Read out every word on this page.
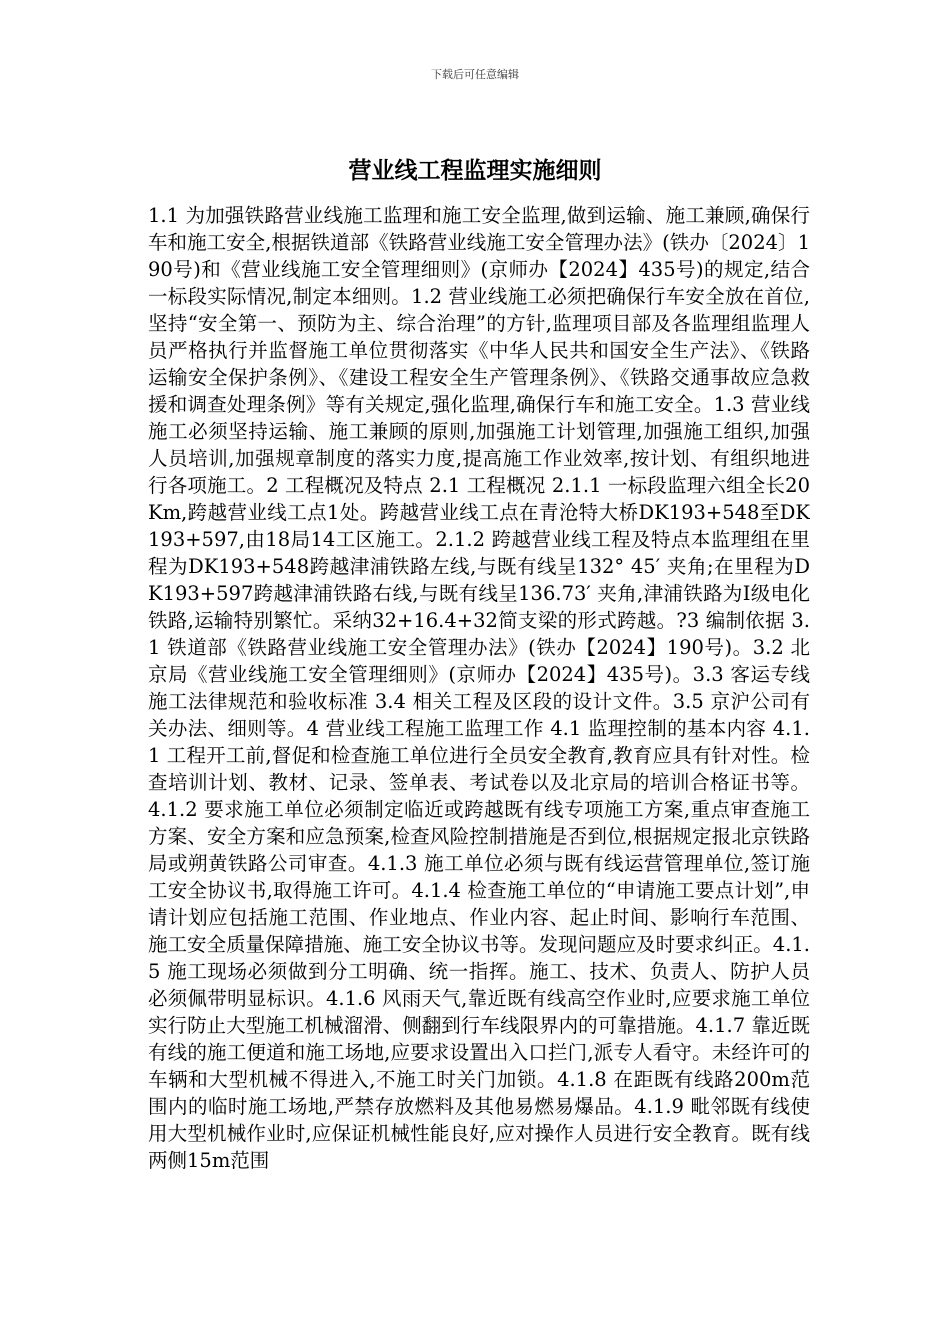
下载后可任意编辑
营业线工程监理实施细则
1.1 为加强铁路营业线施工监理和施工安全监理,做到运输、施工兼顾,确保行车和施工安全,根据铁道部《铁路营业线施工安全管理办法》(铁办〔2024〕190号)和《营业线施工安全管理细则》(京师办【2024】435号)的规定,结合一标段实际情况,制定本细则。1.2 营业线施工必须把确保行车安全放在首位,坚持“安全第一、预防为主、综合治理”的方针,监理项目部及各监理组监理人员严格执行并监督施工单位贯彻落实《中华人民共和国安全生产法》、《铁路运输安全保护条例》、《建设工程安全生产管理条例》、《铁路交通事故应急救援和调查处理条例》等有关规定,强化监理,确保行车和施工安全。1.3 营业线施工必须坚持运输、施工兼顾的原则,加强施工计划管理,加强施工组织,加强人员培训,加强规章制度的落实力度,提高施工作业效率,按计划、有组织地进行各项施工。2 工程概况及特点 2.1 工程概况 2.1.1 一标段监理六组全长20Km,跨越营业线工点1处。跨越营业线工点在青沧特大桥DK193+548至DK193+597,由18局14工区施工。2.1.2 跨越营业线工程及特点本监理组在里程为DK193+548跨越津浦铁路左线,与既有线呈132° 45′ 夹角;在里程为DK193+597跨越津浦铁路右线,与既有线呈136.73′ 夹角,津浦铁路为Ⅰ级电化铁路,运输特别繁忙。采纳32+16.4+32简支梁的形式跨越。?3 编制依据 3.1 铁道部《铁路营业线施工安全管理办法》(铁办【2024】190号)。3.2 北京局《营业线施工安全管理细则》(京师办【2024】435号)。3.3 客运专线施工法律规范和验收标准 3.4 相关工程及区段的设计文件。3.5 京沪公司有关办法、细则等。4 营业线工程施工监理工作 4.1 监理控制的基本内容 4.1.1 工程开工前,督促和检查施工单位进行全员安全教育,教育应具有针对性。检查培训计划、教材、记录、签单表、考试卷以及北京局的培训合格证书等。4.1.2 要求施工单位必须制定临近或跨越既有线专项施工方案,重点审查施工方案、安全方案和应急预案,检查风险控制措施是否到位,根据规定报北京铁路局或朔黄铁路公司审查。4.1.3 施工单位必须与既有线运营管理单位,签订施工安全协议书,取得施工许可。4.1.4 检查施工单位的“申请施工要点计划”,申请计划应包括施工范围、作业地点、作业内容、起止时间、影响行车范围、施工安全质量保障措施、施工安全协议书等。发现问题应及时要求纠正。4.1.5 施工现场必须做到分工明确、统一指挥。施工、技术、负责人、防护人员必须佩带明显标识。4.1.6 风雨天气,靠近既有线高空作业时,应要求施工单位实行防止大型施工机械溜滑、侧翻到行车线限界内的可靠措施。4.1.7 靠近既有线的施工便道和施工场地,应要求设置出入口拦门,派专人看守。未经许可的车辆和大型机械不得进入,不施工时关门加锁。4.1.8 在距既有线路200m范围内的临时施工场地,严禁存放燃料及其他易燃易爆品。4.1.9 毗邻既有线使用大型机械作业时,应保证机械性能良好,应对操作人员进行安全教育。既有线两侧15m范围
